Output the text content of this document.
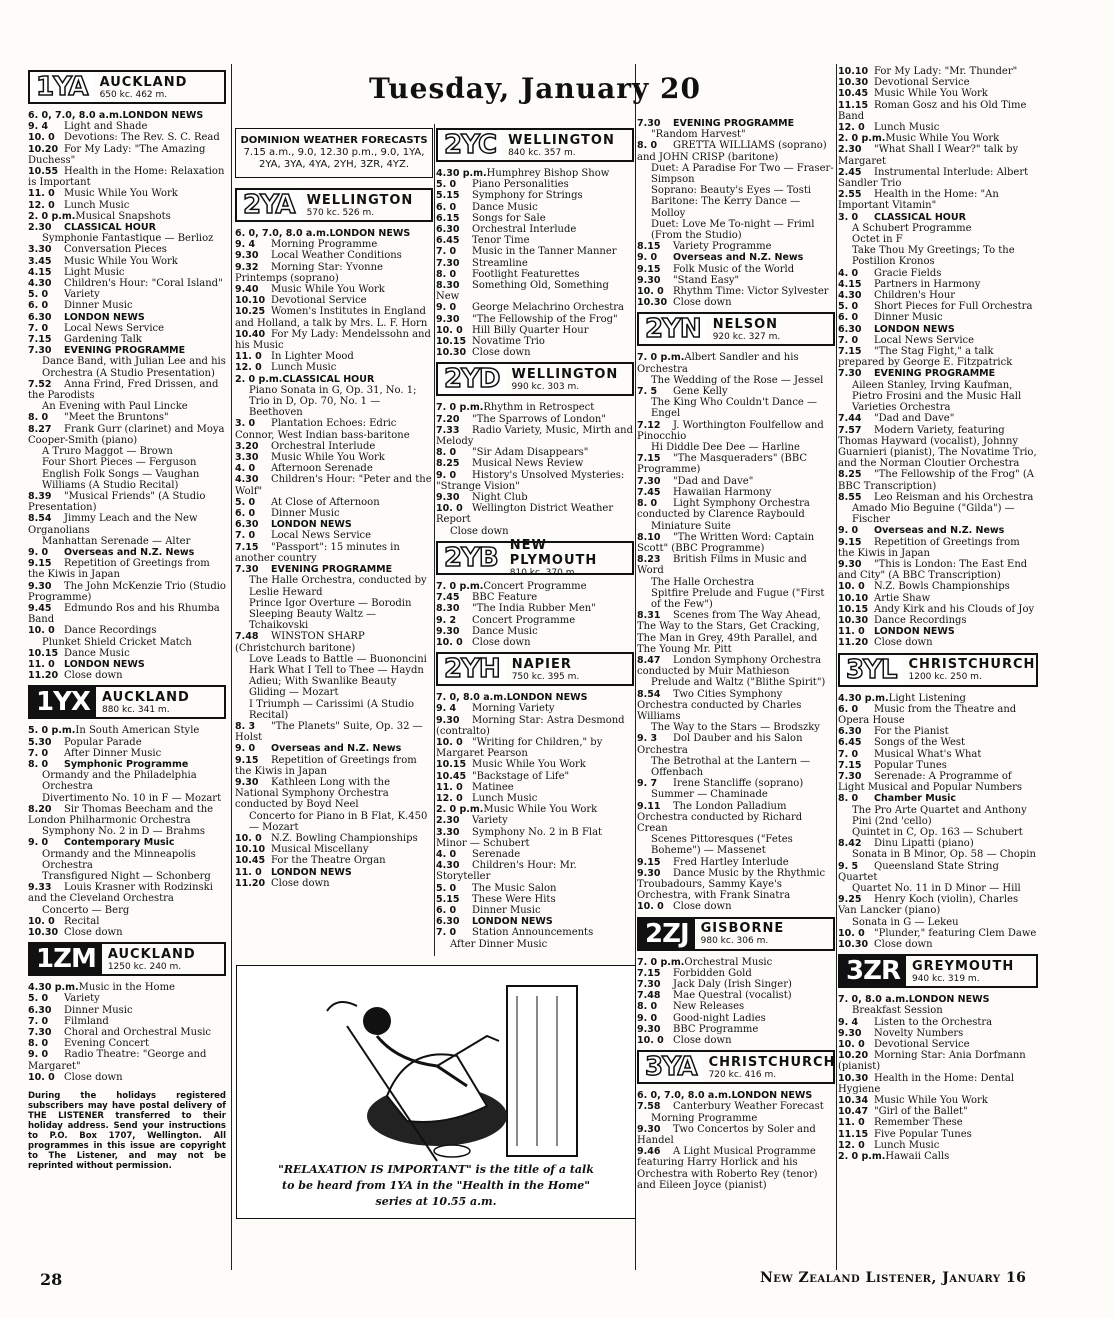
Tuesday, January 20
1YA AUCKLAND
650 kc. 462 m.
6. 0, 7.0, 8.0 a.m.LONDON NEWS
9. 4Light and Shade
10. 0Devotions: The Rev. S. C. Read
10.20For My Lady: "The Amazing Duchess"
10.55Health in the Home: Relaxation is Important
11. 0Music While You Work
12. 0Lunch Music
2. 0 p.m.Musical Snapshots
2.30CLASSICAL HOUR
Symphonie Fantastique — Berlioz
3.30Conversation Pieces
3.45Music While You Work
4.15Light Music
4.30Children's Hour: "Coral Island"
5. 0Variety
6. 0Dinner Music
6.30LONDON NEWS
7. 0Local News Service
7.15Gardening Talk
7.30EVENING PROGRAMME
Dance Band, with Julian Lee and his Orchestra (A Studio Presentation)
7.52Anna Frind, Fred Drissen, and the Parodists
An Evening with Paul Lincke
8. 0"Meet the Bruntons"
8.27Frank Gurr (clarinet) and Moya Cooper-Smith (piano)
A Truro Maggot — Brown
Four Short Pieces — Ferguson
English Folk Songs — Vaughan Williams (A Studio Recital)
8.39"Musical Friends" (A Studio Presentation)
8.54Jimmy Leach and the New Organolians
Manhattan Serenade — Alter
9. 0Overseas and N.Z. News
9.15Repetition of Greetings from the Kiwis in Japan
9.30The John McKenzie Trio (Studio Programme)
9.45Edmundo Ros and his Rhumba Band
10. 0Dance Recordings
Plunket Shield Cricket Match
10.15Dance Music
11. 0LONDON NEWS
11.20Close down
1YX AUCKLAND
880 kc. 341 m.
5. 0 p.m.In South American Style
5.30Popular Parade
7. 0After Dinner Music
8. 0Symphonic Programme
Ormandy and the Philadelphia Orchestra
Divertimento No. 10 in F — Mozart
8.20Sir Thomas Beecham and the London Philharmonic Orchestra
Symphony No. 2 in D — Brahms
9. 0Contemporary Music
Ormandy and the Minneapolis Orchestra
Transfigured Night — Schonberg
9.33Louis Krasner with Rodzinski and the Cleveland Orchestra
Concerto — Berg
10. 0Recital
10.30Close down
1ZM AUCKLAND
1250 kc. 240 m.
4.30 p.m.Music in the Home
5. 0Variety
6.30Dinner Music
7. 0Filmland
7.30Choral and Orchestral Music
8. 0Evening Concert
9. 0Radio Theatre: "George and Margaret"
10. 0Close down
During the holidays registered subscribers may have postal delivery of THE LISTENER transferred to their holiday address. Send your instructions to P.O. Box 1707, Wellington. All programmes in this issue are copyright to The Listener, and may not be reprinted without permission.
DOMINION WEATHER FORECASTS
7.15 a.m., 9.0, 12.30 p.m., 9.0, 1YA, 2YA, 3YA, 4YA, 2YH, 3ZR, 4YZ.
2YA WELLINGTON
570 kc. 526 m.
6. 0, 7.0, 8.0 a.m.LONDON NEWS
9. 4Morning Programme
9.30Local Weather Conditions
9.32Morning Star: Yvonne Printemps (soprano)
9.40Music While You Work
10.10Devotional Service
10.25Women's Institutes in England and Holland, a talk by Mrs. L. F. Horn
10.40For My Lady: Mendelssohn and his Music
11. 0In Lighter Mood
12. 0Lunch Music
2. 0 p.m.CLASSICAL HOUR
Piano Sonata in G, Op. 31, No. 1; Trio in D, Op. 70, No. 1 — Beethoven
3. 0Plantation Echoes: Edric Connor, West Indian bass-baritone
3.20Orchestral Interlude
3.30Music While You Work
4. 0Afternoon Serenade
4.30Children's Hour: "Peter and the Wolf"
5. 0At Close of Afternoon
6. 0Dinner Music
6.30LONDON NEWS
7. 0Local News Service
7.15"Passport": 15 minutes in another country
7.30EVENING PROGRAMME
The Halle Orchestra, conducted by Leslie Heward
Prince Igor Overture — Borodin
Sleeping Beauty Waltz — Tchaikovski
7.48WINSTON SHARP (Christchurch baritone)
Love Leads to Battle — Buononcini
Hark What I Tell to Thee — Haydn
Adieu; With Swanlike Beauty Gliding — Mozart
I Triumph — Carissimi (A Studio Recital)
8. 3"The Planets" Suite, Op. 32 — Holst
9. 0Overseas and N.Z. News
9.15Repetition of Greetings from the Kiwis in Japan
9.30Kathleen Long with the National Symphony Orchestra conducted by Boyd Neel
Concerto for Piano in B Flat, K.450 — Mozart
10. 0N.Z. Bowling Championships
10.10Musical Miscellany
10.45For the Theatre Organ
11. 0LONDON NEWS
11.20Close down
2YC WELLINGTON
840 kc. 357 m.
4.30 p.m.Humphrey Bishop Show
5. 0Piano Personalities
5.15Symphony for Strings
6. 0Dance Music
6.15Songs for Sale
6.30Orchestral Interlude
6.45Tenor Time
7. 0Music in the Tanner Manner
7.30Streamline
8. 0Footlight Featurettes
8.30Something Old, Something New
9. 0George Melachrino Orchestra
9.30"The Fellowship of the Frog"
10. 0Hill Billy Quarter Hour
10.15Novatime Trio
10.30Close down
2YD WELLINGTON
990 kc. 303 m.
7. 0 p.m.Rhythm in Retrospect
7.20"The Sparrows of London"
7.33Radio Variety, Music, Mirth and Melody
8. 0"Sir Adam Disappears"
8.25Musical News Review
9. 0History's Unsolved Mysteries: "Strange Vision"
9.30Night Club
10. 0Wellington District Weather Report
Close down
2YB NEW PLYMOUTH
810 kc. 370 m.
7. 0 p.m.Concert Programme
7.45BBC Feature
8.30"The India Rubber Men"
9. 2Concert Programme
9.30Dance Music
10. 0Close down
2YH NAPIER
750 kc. 395 m.
7. 0, 8.0 a.m.LONDON NEWS
9. 4Morning Variety
9.30Morning Star: Astra Desmond (contralto)
10. 0"Writing for Children," by Margaret Pearson
10.15Music While You Work
10.45"Backstage of Life"
11. 0Matinee
12. 0Lunch Music
2. 0 p.m.Music While You Work
2.30Variety
3.30Symphony No. 2 in B Flat Minor — Schubert
4. 0Serenade
4.30Children's Hour: Mr. Storyteller
5. 0The Music Salon
5.15These Were Hits
6. 0Dinner Music
6.30LONDON NEWS
7. 0Station Announcements
After Dinner Music
7.30EVENING PROGRAMME
"Random Harvest"
8. 0GRETTA WILLIAMS (soprano) and JOHN CRISP (baritone)
Duet: A Paradise For Two — Fraser-Simpson
Soprano: Beauty's Eyes — Tosti
Baritone: The Kerry Dance — Molloy
Duet: Love Me To-night — Friml (From the Studio)
8.15Variety Programme
9. 0Overseas and N.Z. News
9.15Folk Music of the World
9.30"Stand Easy"
10. 0Rhythm Time: Victor Sylvester
10.30Close down
2YN NELSON
920 kc. 327 m.
7. 0 p.m.Albert Sandler and his Orchestra
The Wedding of the Rose — Jessel
7. 5Gene Kelly
The King Who Couldn't Dance — Engel
7.12J. Worthington Foulfellow and Pinocchio
Hi Diddle Dee Dee — Harline
7.15"The Masqueraders" (BBC Programme)
7.30"Dad and Dave"
7.45Hawaiian Harmony
8. 0Light Symphony Orchestra conducted by Clarence Raybould
Miniature Suite
8.10"The Written Word: Captain Scott" (BBC Programme)
8.23British Films in Music and Word
The Halle Orchestra
Spitfire Prelude and Fugue ("First of the Few")
8.31Scenes from The Way Ahead, The Way to the Stars, Get Cracking, The Man in Grey, 49th Parallel, and The Young Mr. Pitt
8.47London Symphony Orchestra conducted by Muir Mathieson
Prelude and Waltz ("Blithe Spirit")
8.54Two Cities Symphony Orchestra conducted by Charles Williams
The Way to the Stars — Brodszky
9. 3Dol Dauber and his Salon Orchestra
The Betrothal at the Lantern — Offenbach
9. 7Irene Stancliffe (soprano)
Summer — Chaminade
9.11The London Palladium Orchestra conducted by Richard Crean
Scenes Pittoresques ("Fetes Boheme") — Massenet
9.15Fred Hartley Interlude
9.30Dance Music by the Rhythmic Troubadours, Sammy Kaye's Orchestra, with Frank Sinatra
10. 0Close down
2ZJ GISBORNE
980 kc. 306 m.
7. 0 p.m.Orchestral Music
7.15Forbidden Gold
7.30Jack Daly (Irish Singer)
7.48Mae Questral (vocalist)
8. 0New Releases
9. 0Good-night Ladies
9.30BBC Programme
10. 0Close down
3YA CHRISTCHURCH
720 kc. 416 m.
6. 0, 7.0, 8.0 a.m.LONDON NEWS
7.58Canterbury Weather Forecast
Morning Programme
9.30Two Concertos by Soler and Handel
9.46A Light Musical Programme featuring Harry Horlick and his Orchestra with Roberto Rey (tenor) and Eileen Joyce (pianist)
10.10For My Lady: "Mr. Thunder"
10.30Devotional Service
10.45Music While You Work
11.15Roman Gosz and his Old Time Band
12. 0Lunch Music
2. 0 p.m.Music While You Work
2.30"What Shall I Wear?" talk by Margaret
2.45Instrumental Interlude: Albert Sandler Trio
2.55Health in the Home: "An Important Vitamin"
3. 0CLASSICAL HOUR
A Schubert Programme
Octet in F
Take Thou My Greetings; To the Postilion Kronos
4. 0Gracie Fields
4.15Partners in Harmony
4.30Children's Hour
5. 0Short Pieces for Full Orchestra
6. 0Dinner Music
6.30LONDON NEWS
7. 0Local News Service
7.15"The Stag Fight," a talk prepared by George E. Fitzpatrick
7.30EVENING PROGRAMME
Aileen Stanley, Irving Kaufman, Pietro Frosini and the Music Hall Varieties Orchestra
7.44"Dad and Dave"
7.57Modern Variety, featuring Thomas Hayward (vocalist), Johnny Guarnieri (pianist), The Novatime Trio, and the Norman Cloutier Orchestra
8.25"The Fellowship of the Frog" (A BBC Transcription)
8.55Leo Reisman and his Orchestra
Amado Mio Beguine ("Gilda") — Fischer
9. 0Overseas and N.Z. News
9.15Repetition of Greetings from the Kiwis in Japan
9.30"This is London: The East End and City" (A BBC Transcription)
10. 0N.Z. Bowls Championships
10.10Artie Shaw
10.15Andy Kirk and his Clouds of Joy
10.30Dance Recordings
11. 0LONDON NEWS
11.20Close down
3YL CHRISTCHURCH
1200 kc. 250 m.
4.30 p.m.Light Listening
6. 0Music from the Theatre and Opera House
6.30For the Pianist
6.45Songs of the West
7. 0Musical What's What
7.15Popular Tunes
7.30Serenade: A Programme of Light Musical and Popular Numbers
8. 0Chamber Music
The Pro Arte Quartet and Anthony Pini (2nd 'cello)
Quintet in C, Op. 163 — Schubert
8.42Dinu Lipatti (piano)
Sonata in B Minor, Op. 58 — Chopin
9. 5Queensland State String Quartet
Quartet No. 11 in D Minor — Hill
9.25Henry Koch (violin), Charles Van Lancker (piano)
Sonata in G — Lekeu
10. 0"Plunder," featuring Clem Dawe
10.30Close down
3ZR GREYMOUTH
940 kc. 319 m.
7. 0, 8.0 a.m.LONDON NEWS
Breakfast Session
9. 4Listen to the Orchestra
9.30Novelty Numbers
10. 0Devotional Service
10.20Morning Star: Ania Dorfmann (pianist)
10.30Health in the Home: Dental Hygiene
10.34Music While You Work
10.47"Girl of the Ballet"
11. 0Remember These
11.15Five Popular Tunes
12. 0Lunch Music
2. 0 p.m.Hawaii Calls
"RELAXATION IS IMPORTANT" is the title of a talk to be heard from 1YA in the "Health in the Home" series at 10.55 a.m.
28	New Zealand Listener, January 16
